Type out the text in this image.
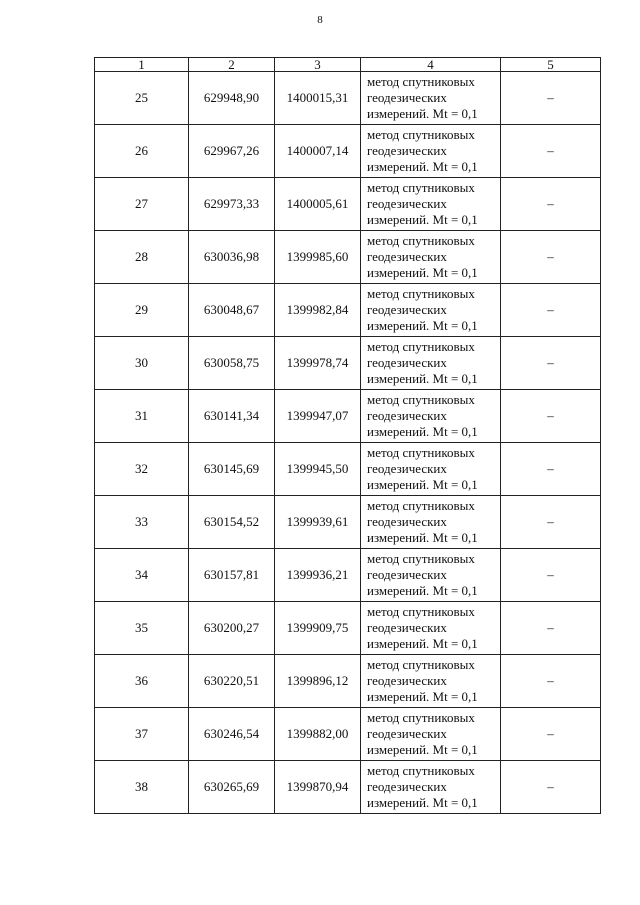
8
1	2	3	4	5
25	629948,90	1400015,31	метод спутниковых
геодезических
измерений. Mt = 0,1	–
26	629967,26	1400007,14	метод спутниковых
геодезических
измерений. Mt = 0,1	–
27	629973,33	1400005,61	метод спутниковых
геодезических
измерений. Mt = 0,1	–
28	630036,98	1399985,60	метод спутниковых
геодезических
измерений. Mt = 0,1	–
29	630048,67	1399982,84	метод спутниковых
геодезических
измерений. Mt = 0,1	–
30	630058,75	1399978,74	метод спутниковых
геодезических
измерений. Mt = 0,1	–
31	630141,34	1399947,07	метод спутниковых
геодезических
измерений. Mt = 0,1	–
32	630145,69	1399945,50	метод спутниковых
геодезических
измерений. Mt = 0,1	–
33	630154,52	1399939,61	метод спутниковых
геодезических
измерений. Mt = 0,1	–
34	630157,81	1399936,21	метод спутниковых
геодезических
измерений. Mt = 0,1	–
35	630200,27	1399909,75	метод спутниковых
геодезических
измерений. Mt = 0,1	–
36	630220,51	1399896,12	метод спутниковых
геодезических
измерений. Mt = 0,1	–
37	630246,54	1399882,00	метод спутниковых
геодезических
измерений. Mt = 0,1	–
38	630265,69	1399870,94	метод спутниковых
геодезических
измерений. Mt = 0,1	–
